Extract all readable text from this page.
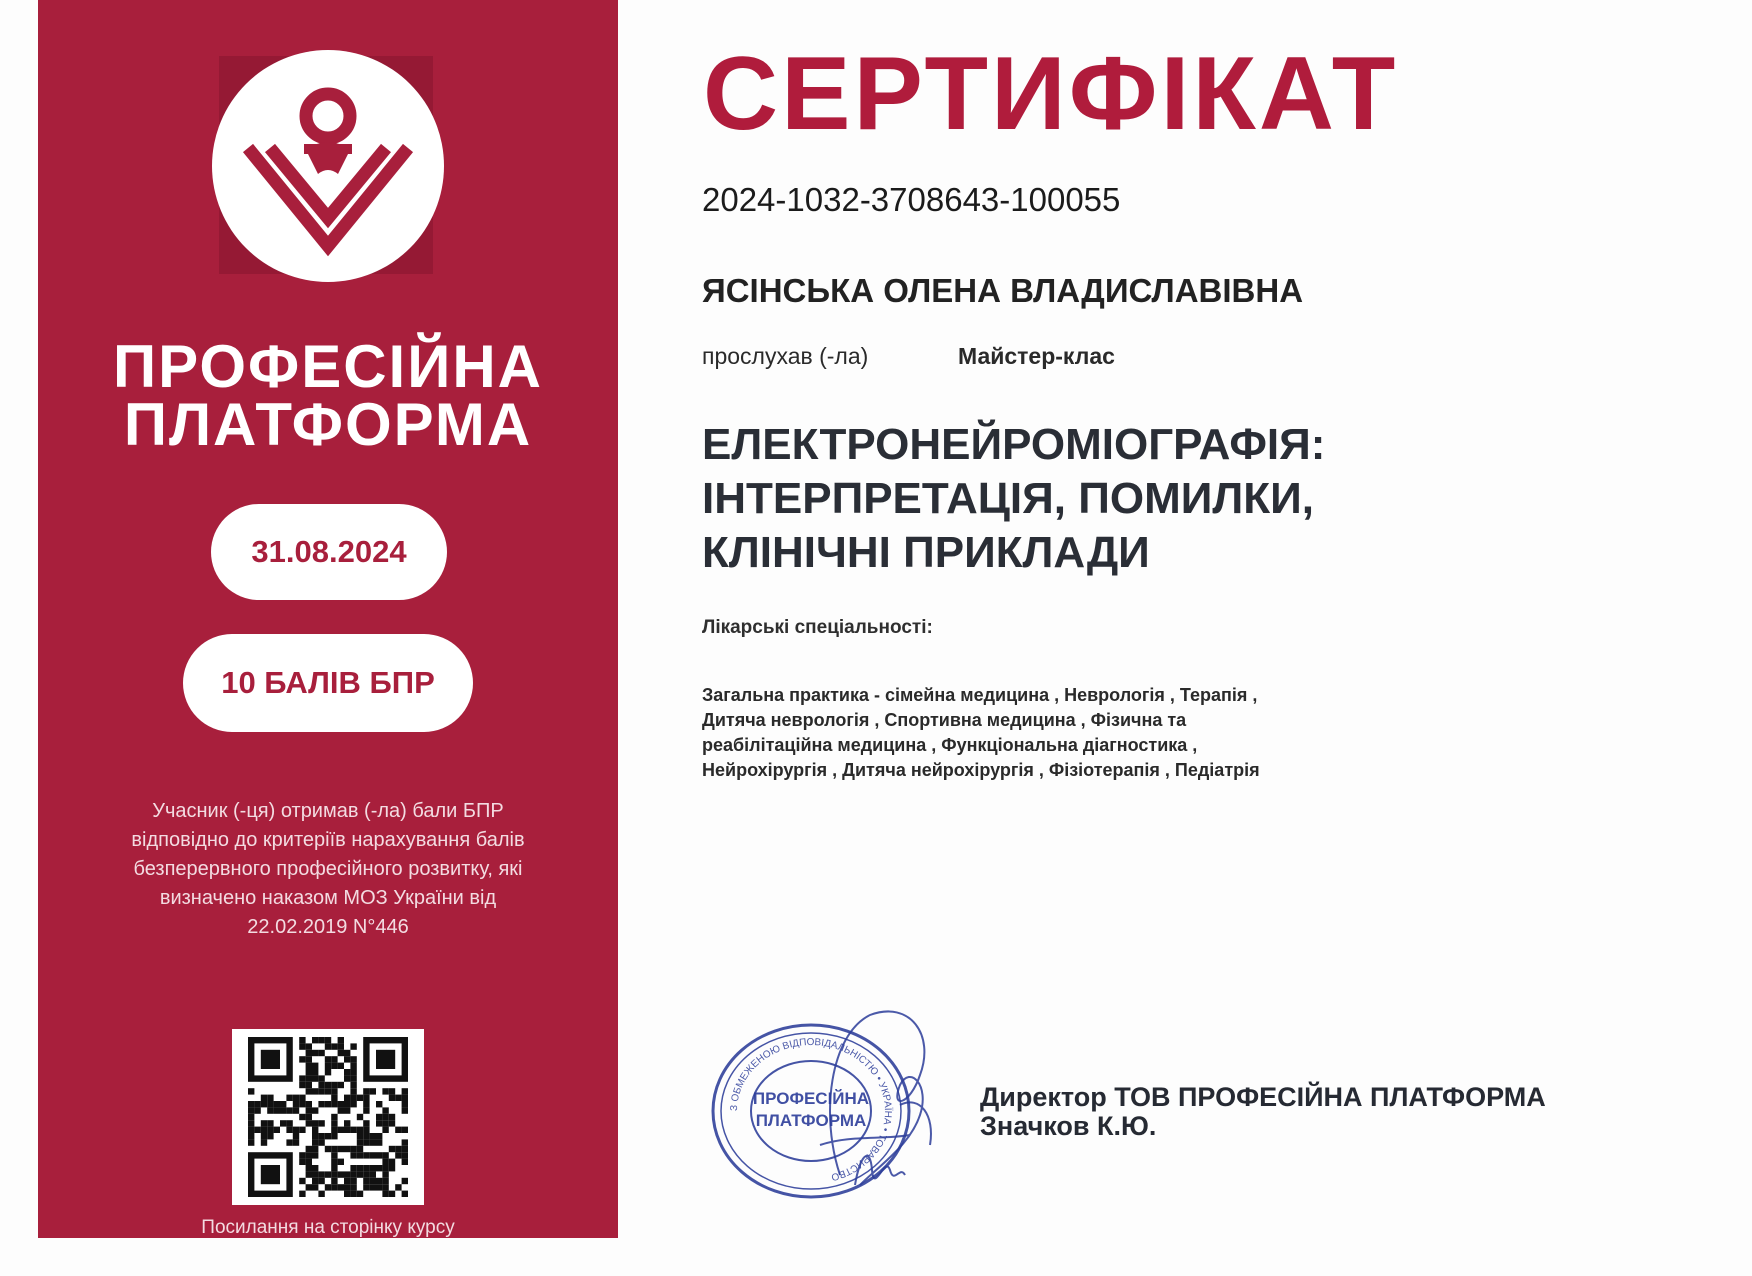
ПРОФЕСІЙНА
ПЛАТФОРМА
31.08.2024
10 БАЛІВ БПР
Учасник (-ця) отримав (-ла) бали БПР
відповідно до критеріїв нарахування балів
безперервного професійного розвитку, які
визначено наказом МОЗ України від
22.02.2019 N°446
Посилання на сторінку курсу
СЕРТИФІКАТ
2024-1032-3708643-100055
ЯСІНСЬКА ОЛЕНА ВЛАДИСЛАВІВНА
прослухав (-ла)	Майстер-клас
ЕЛЕКТРОНЕЙРОМІОГРАФІЯ:
ІНТЕРПРЕТАЦІЯ, ПОМИЛКИ,
КЛІНІЧНІ ПРИКЛАДИ
Лікарські спеціальності:
Загальна практика - сімейна медицина , Неврологія , Терапія ,
Дитяча неврологія , Спортивна медицина , Фізична та
реабілітаційна медицина , Функціональна діагностика ,
Нейрохірургія , Дитяча нейрохірургія , Фізіотерапія , Педіатрія
З ОБМЕЖЕНОЮ ВІДПОВІДАЛЬНІСТЮ • УКРАЇНА • ТОВАРИСТВО
ПРОФЕСІЙНА
ПЛАТФОРМА
Директор ТОВ ПРОФЕСІЙНА ПЛАТФОРМА
Значков К.Ю.
